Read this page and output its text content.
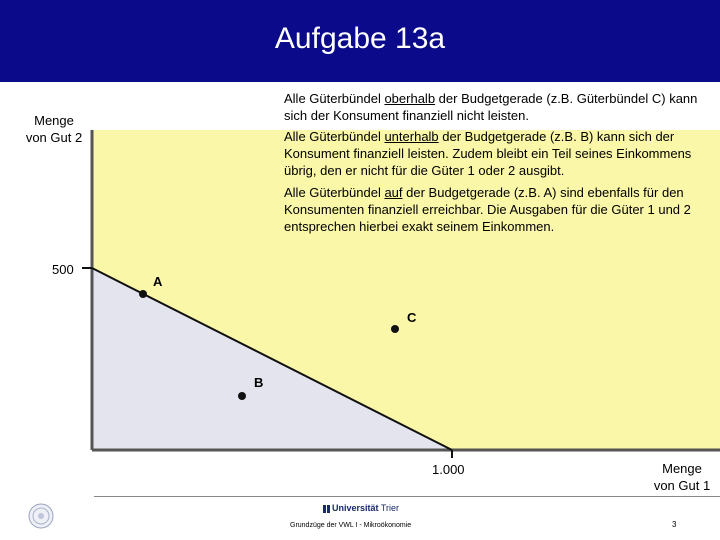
Aufgabe 13a
Menge
von Gut 2
Menge
von Gut 1
500
1.000
Alle Güterbündel oberhalb der Budgetgerade (z.B. Güterbündel C) kann sich der Konsument finanziell nicht leisten.
Alle Güterbündel unterhalb der Budgetgerade (z.B. B) kann sich der Konsument finanziell leisten. Zudem bleibt ein Teil seines Einkommens übrig, den er nicht für die Güter 1 oder 2 ausgibt.
Alle Güterbündel auf der Budgetgerade (z.B. A) sind ebenfalls für den Konsumenten finanziell erreichbar. Die Ausgaben für die Güter 1 und 2 entsprechen hierbei exakt seinem Einkommen.
A
C
B
Universität Trier
Grundzüge der VWL I - Mikroökonomie	3
